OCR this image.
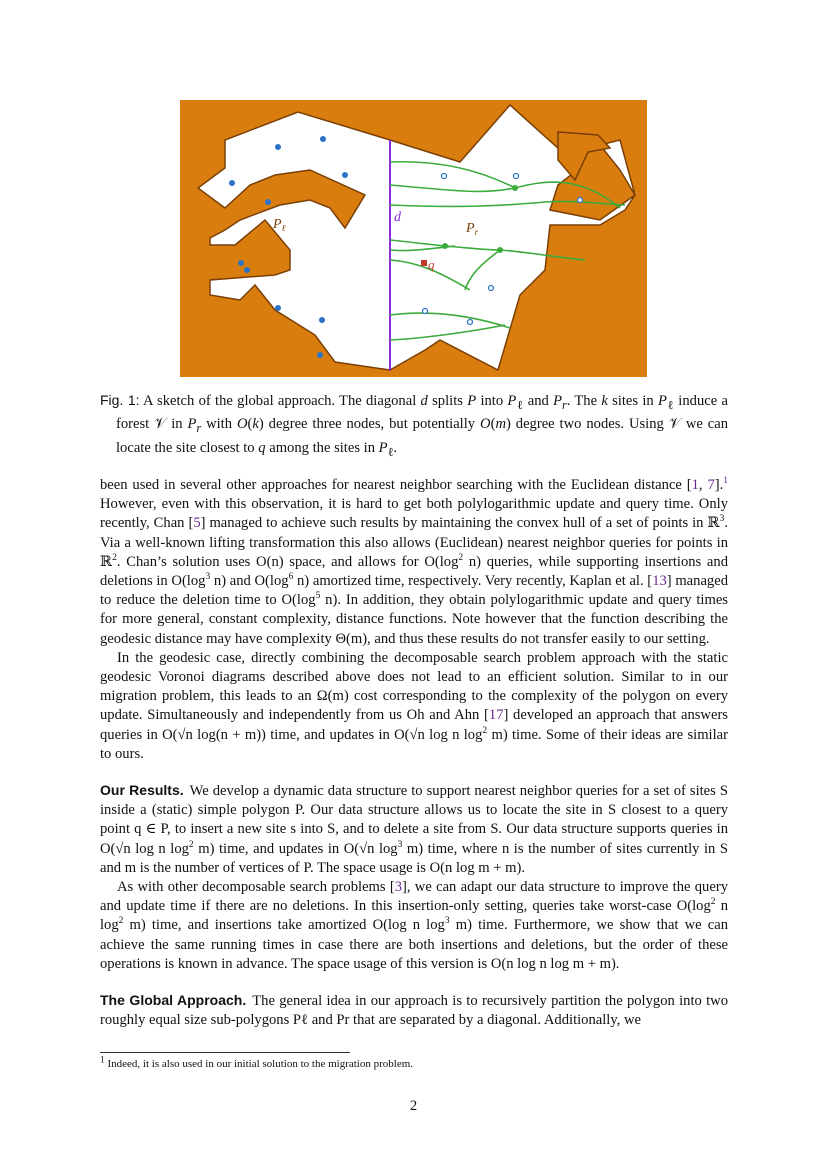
$P_\ell$	$P_r$
d
q

Fig. 1: A sketch of the global approach. The diagonal d splits P into $P_\ell$ and $P_r$. The k sites in $P_\ell$ induce a forest 𝒱 in $P_r$ with O(k) degree three nodes, but potentially O(m) degree two nodes. Using 𝒱 we can locate the site closest to q among the sites in $P_\ell$.

been used in several other approaches for nearest neighbor searching with the Euclidean distance [1, 7].$^1$ However, even with this observation, it is hard to get both polylogarithmic update and query time. Only recently, Chan [5] managed to achieve such results by maintaining the convex hull of a set of points in ℝ$^3$. Via a well-known lifting transformation this also allows (Euclidean) nearest neighbor queries for points in ℝ$^2$. Chan’s solution uses O(n) space, and allows for $O(\log^2$ n) queries, while supporting insertions and deletions in $O(\log^3$ n) and $O(\log^6$ n) amortized time, respectively. Very recently, Kaplan et al. [13] managed to reduce the deletion time to $O(\log^5$ n). In addition, they obtain polylogarithmic update and query times for more general, constant complexity, distance functions. Note however that the function describing the geodesic distance may have complexity Θ(m), and thus these results do not transfer easily to our setting.

In the geodesic case, directly combining the decomposable search problem approach with the static geodesic Voronoi diagrams described above does not lead to an efficient solution. Similar to in our migration problem, this leads to an Ω(m) cost corresponding to the complexity of the polygon on every update. Simultaneously and independently from us Oh and Ahn [17] developed an approach that answers queries in O(√n log(n + m)) time, and updates in O(√n log n $\log^2 m$) time. Some of their ideas are similar to ours.

Our Results. We develop a dynamic data structure to support nearest neighbor queries for a set of sites S inside a (static) simple polygon P. Our data structure allows us to locate the site in S closest to a query point q ∈ P, to insert a new site s into S, and to delete a site from S. Our data structure supports queries in O(√n log n $\log^2 m$) time, and updates in O(√n $\log^3 m$) time, where n is the number of sites currently in S and m is the number of vertices of P. The space usage is O(n log m + m).

As with other decomposable search problems [3], we can adapt our data structure to improve the query and update time if there are no deletions. In this insertion-only setting, queries take worst-case $O(\log^2$ n $\log^2 m$) time, and insertions take amortized O(log n $\log^3 m$) time. Furthermore, we show that we can achieve the same running times in case there are both insertions and deletions, but the order of these operations is known in advance. The space usage of this version is O(n log n log m + m).

The Global Approach. The general idea in our approach is to recursively partition the polygon into two roughly equal size sub-polygons Pℓ and Pr that are separated by a diagonal. Additionally, we

$^1$ Indeed, it is also used in our initial solution to the migration problem.
2
